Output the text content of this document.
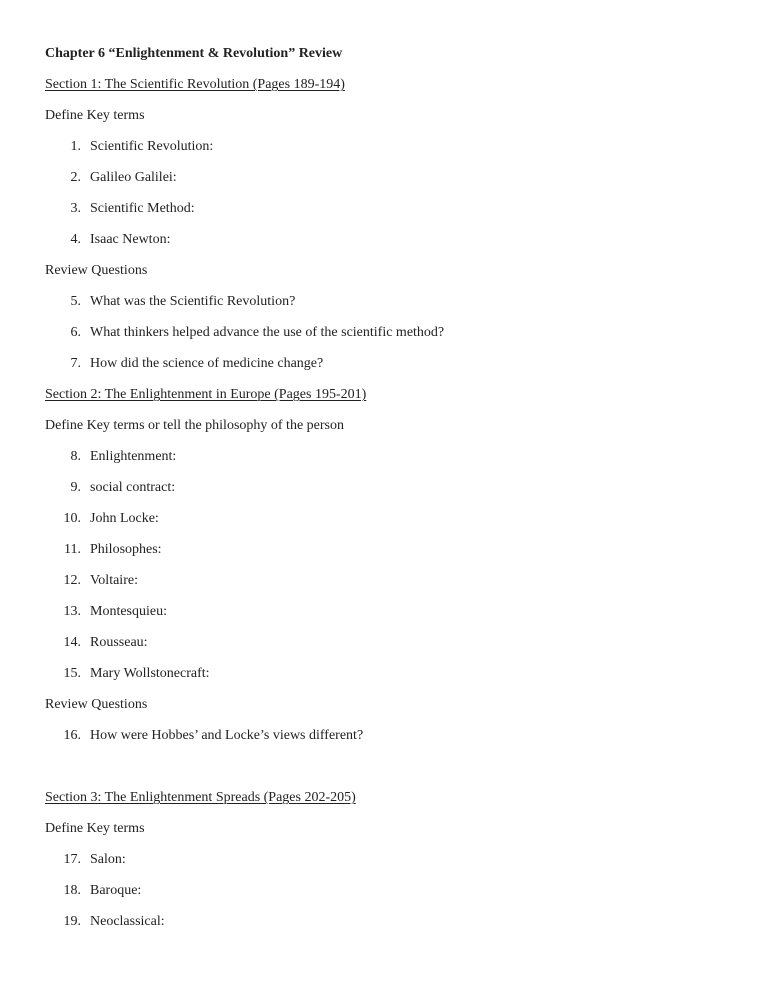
Chapter 6 “Enlightenment & Revolution” Review
Section 1: The Scientific Revolution (Pages 189-194)
Define Key terms
1. Scientific Revolution:
2. Galileo Galilei:
3. Scientific Method:
4. Isaac Newton:
Review Questions
5. What was the Scientific Revolution?
6. What thinkers helped advance the use of the scientific method?
7. How did the science of medicine change?
Section 2: The Enlightenment in Europe (Pages 195-201)
Define Key terms or tell the philosophy of the person
8. Enlightenment:
9. social contract:
10. John Locke:
11. Philosophes:
12. Voltaire:
13. Montesquieu:
14. Rousseau:
15. Mary Wollstonecraft:
Review Questions
16. How were Hobbes’ and Locke’s views different?
Section 3: The Enlightenment Spreads (Pages 202-205)
Define Key terms
17. Salon:
18. Baroque:
19. Neoclassical:
